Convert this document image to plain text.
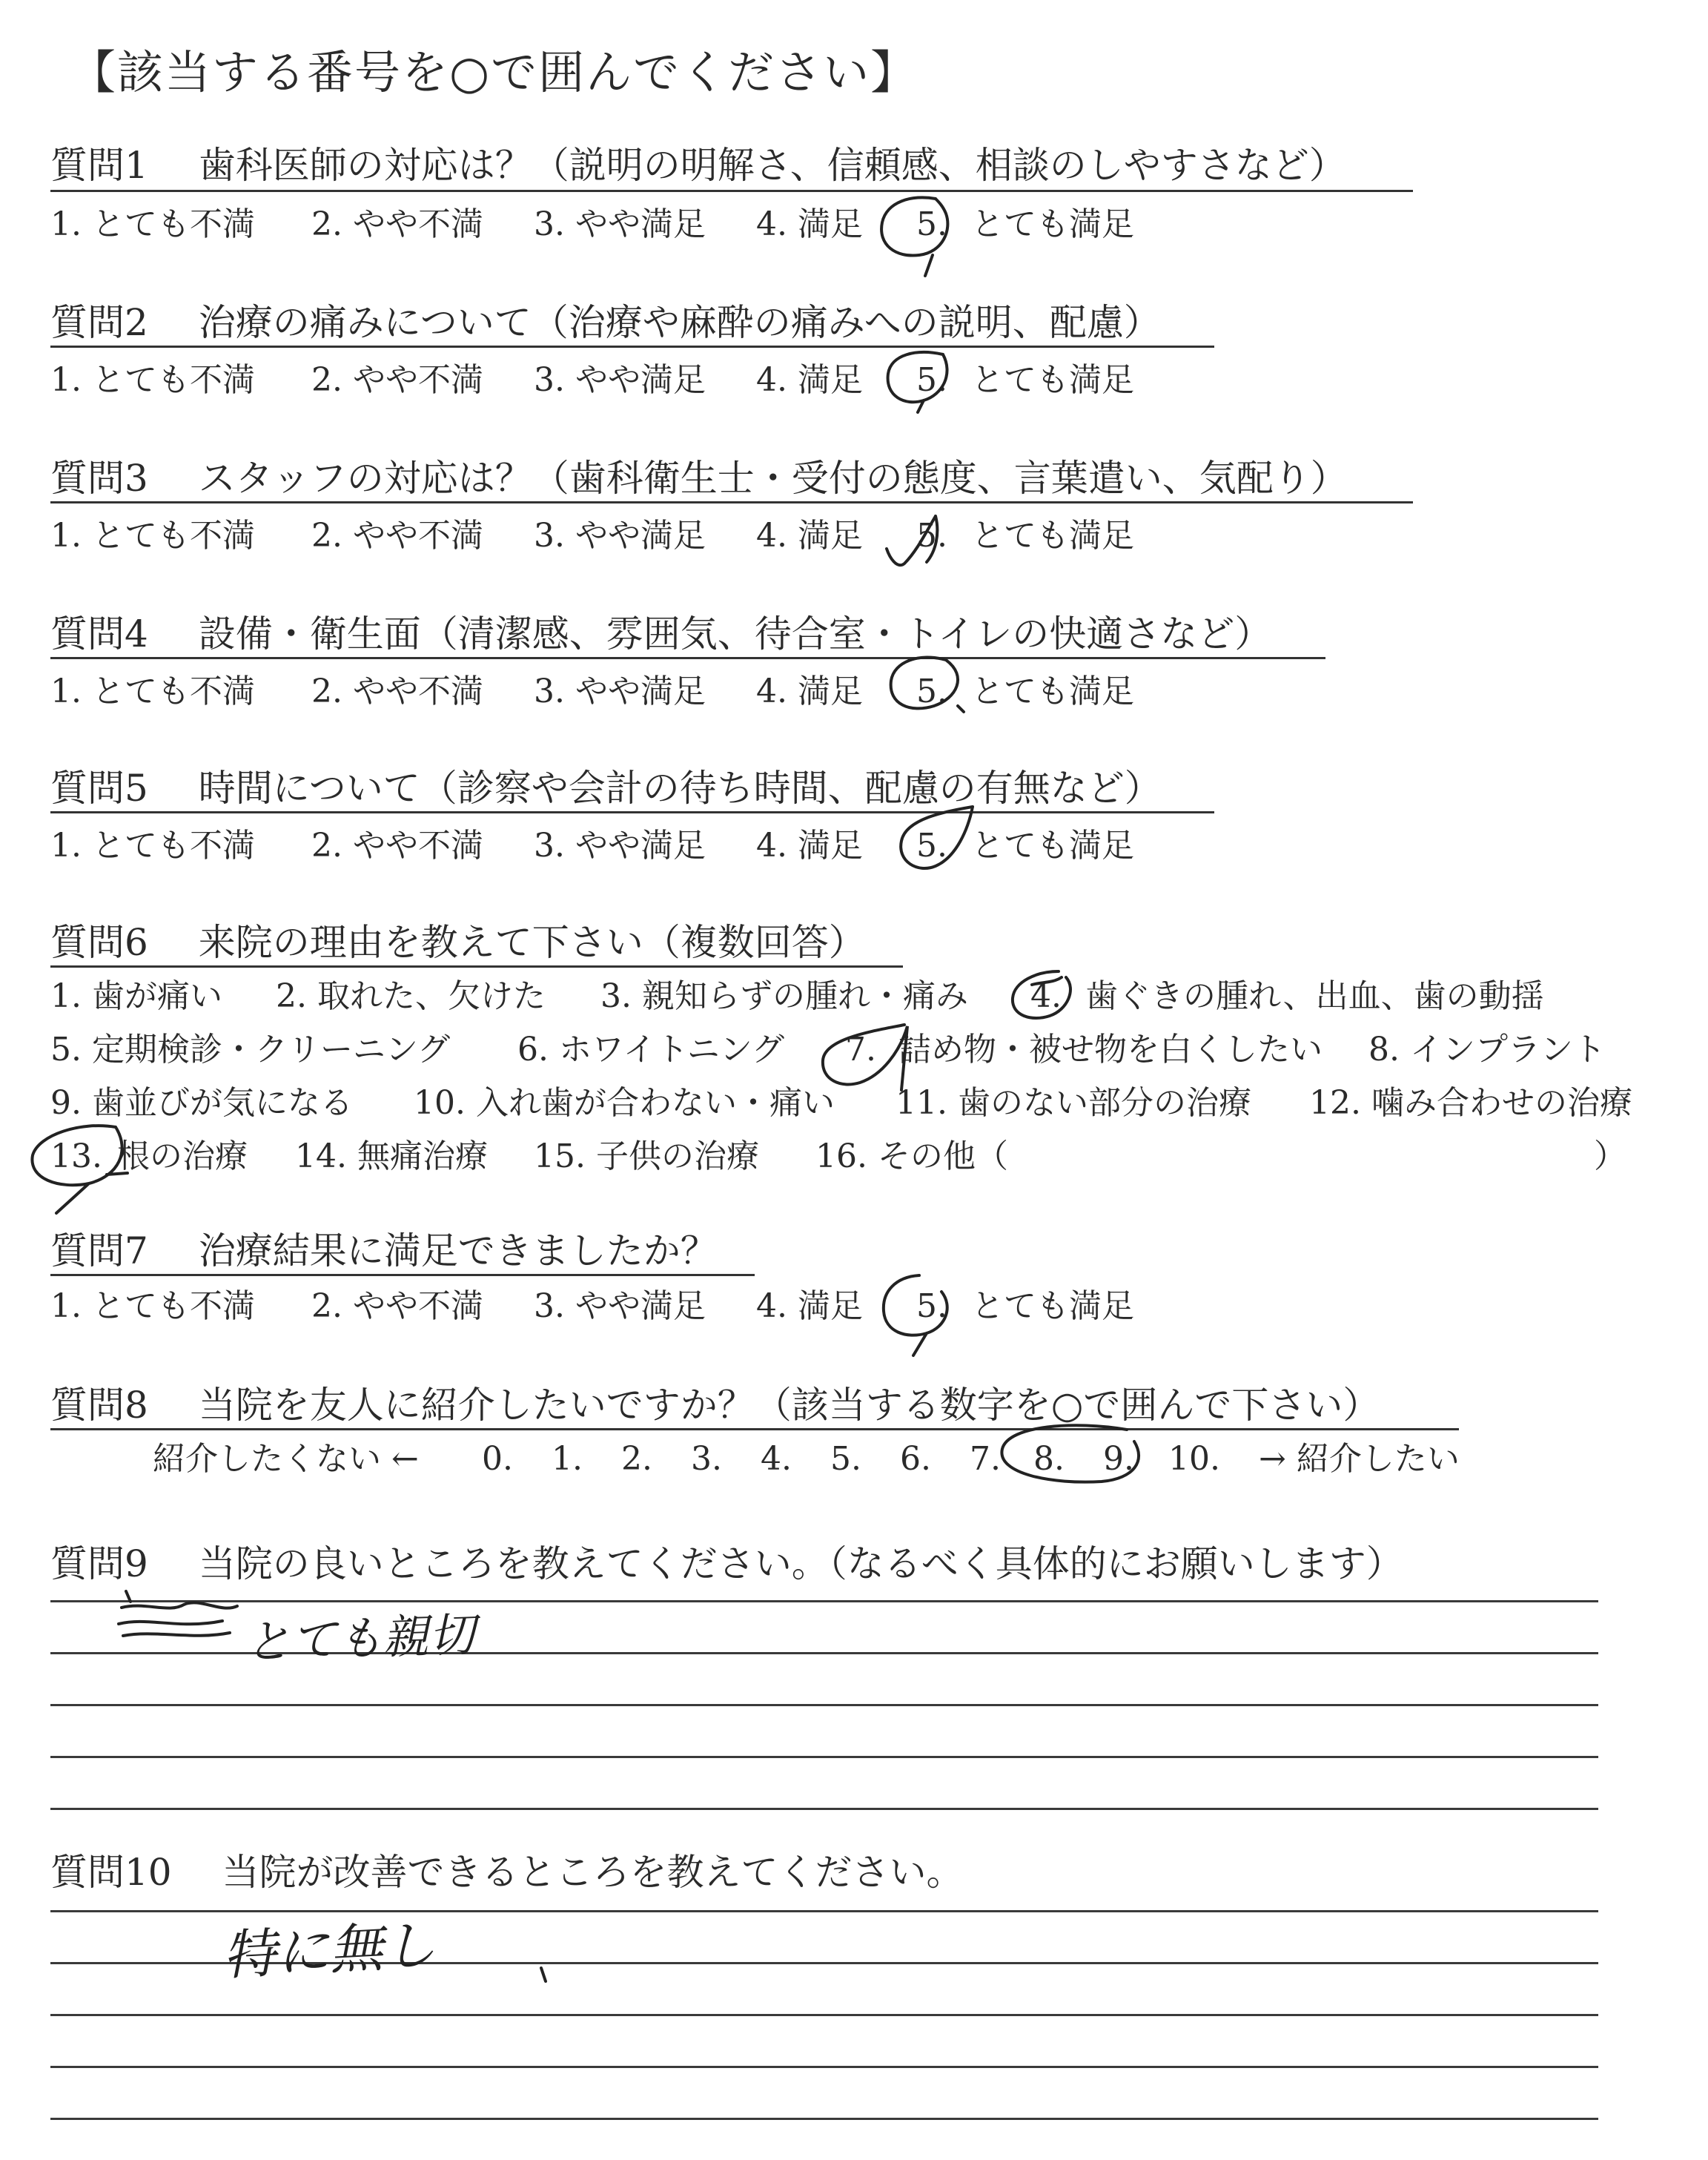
【該当する番号を○で囲んでください】
質問1 歯科医師の対応は？（説明の明解さ、信頼感、相談のしやすさなど）
1. とても不満 2. やや不満 3. やや満足 4. 満足 5. とても満足
質問2 治療の痛みについて（治療や麻酔の痛みへの説明、配慮）
1. とても不満 2. やや不満 3. やや満足 4. 満足 5. とても満足
質問3 スタッフの対応は？（歯科衛生士・受付の態度、言葉遣い、気配り）
1. とても不満 2. やや不満 3. やや満足 4. 満足 5. とても満足
質問4 設備・衛生面（清潔感、雰囲気、待合室・トイレの快適さなど）
1. とても不満 2. やや不満 3. やや満足 4. 満足 5. とても満足
質問5 時間について（診察や会計の待ち時間、配慮の有無など）
1. とても不満 2. やや不満 3. やや満足 4. 満足 5. とても満足
質問6 来院の理由を教えて下さい（複数回答）
1. 歯が痛い 2. 取れた、欠けた 3. 親知らずの腫れ・痛み 4. 歯ぐきの腫れ、出血、歯の動揺
5. 定期検診・クリーニング 6. ホワイトニング 7. 詰め物・被せ物を白くしたい 8. インプラント
9. 歯並びが気になる 10. 入れ歯が合わない・痛い 11. 歯のない部分の治療 12. 噛み合わせの治療
13. 根の治療 14. 無痛治療 15. 子供の治療 16. その他（	）
質問7 治療結果に満足できましたか？
1. とても不満 2. やや不満 3. やや満足 4. 満足 5. とても満足
質問8 当院を友人に紹介したいですか？（該当する数字を○で囲んで下さい）
紹介したくない ← 0. 1. 2. 3. 4. 5. 6. 7. 8. 9. 10. → 紹介したい
質問9 当院の良いところを教えてください。（なるべく具体的にお願いします）
とても親切
質問10 当院が改善できるところを教えてください。
特に無し
